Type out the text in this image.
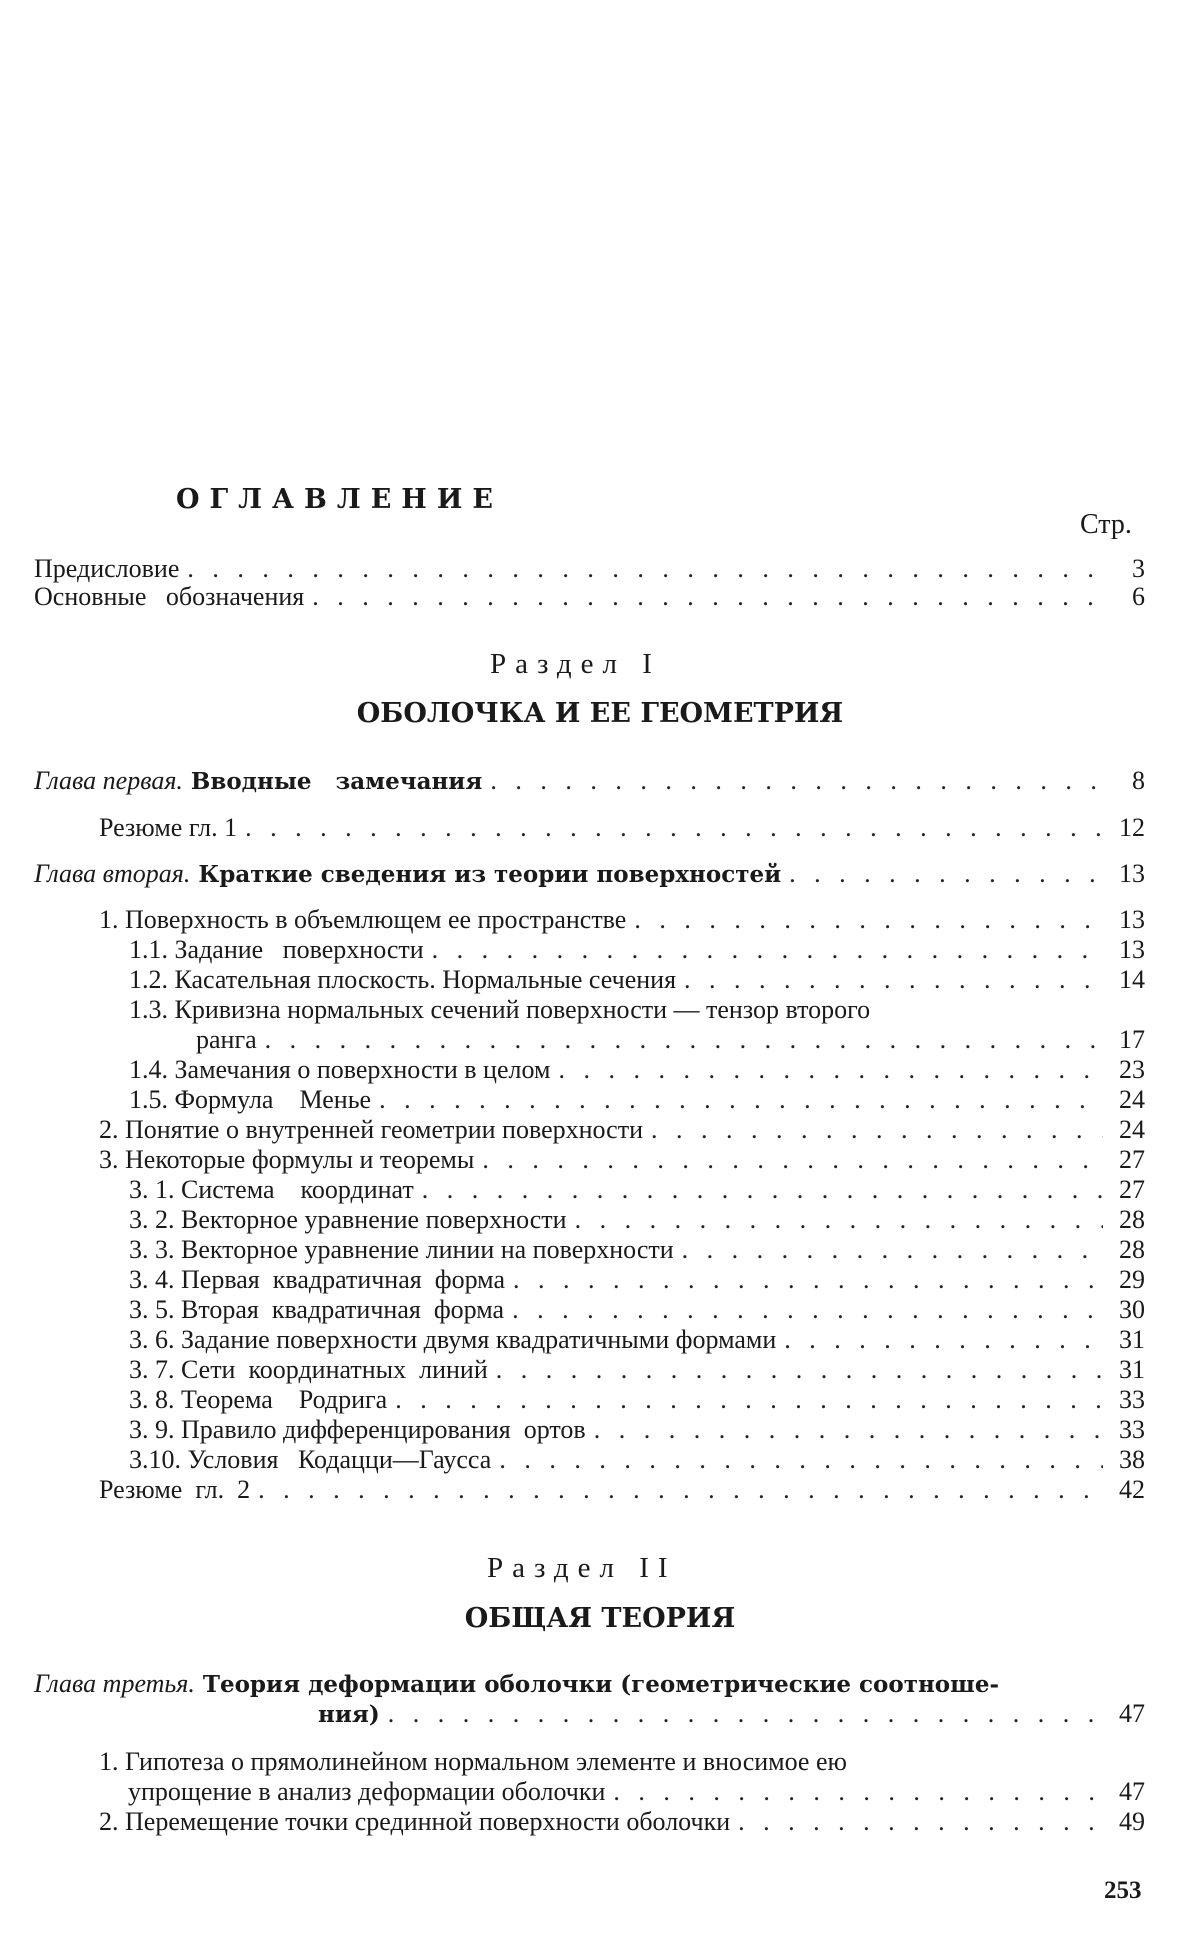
ОГЛАВЛЕНИЕ
Стр.
Предисловие . . .	3
Основные   обозначения . . .	6
Раздел I
ОБОЛОЧКА И ЕЕ ГЕОМЕТРИЯ
Глава первая. Вводные   замечания . . .	8
Резюме гл. 1 . . .	12
Глава вторая. Краткие сведения из теории поверхностей . . .	13
1. Поверхность в объемлющем ее пространстве . . .	13
1.1. Задание   поверхности . . .	13
1.2. Касательная плоскость. Нормальные сечения . . .	14
1.3. Кривизна нормальных сечений поверхности — тензор второго
ранга . . .	17
1.4. Замечания о поверхности в целом . . .	23
1.5. Формула    Менье . . .	24
2. Понятие о внутренней геометрии поверхности . . .	24
3. Некоторые формулы и теоремы . . .	27
3. 1. Система    координат . . .	27
3. 2. Векторное уравнение поверхности . . .	28
3. 3. Векторное уравнение линии на поверхности . . .	28
3. 4. Первая  квадратичная  форма . . .	29
3. 5. Вторая  квадратичная  форма . . .	30
3. 6. Задание поверхности двумя квадратичными формами . . .	31
3. 7. Сети  координатных  линий . . .	31
3. 8. Теорема    Родрига . . .	33
3. 9. Правило дифференцирования  ортов . . .	33
3.10. Условия   Кодацци—Гаусса . . .	38
Резюме  гл.  2 . . .	42
Раздел II
ОБЩАЯ ТЕОРИЯ
Глава третья. Теория деформации оболочки (геометрические соотноше-
ния) . . .	47
1. Гипотеза о прямолинейном нормальном элементе и вносимое ею
упрощение в анализ деформации оболочки . . .	47
2. Перемещение точки срединной поверхности оболочки . . .	49
253
